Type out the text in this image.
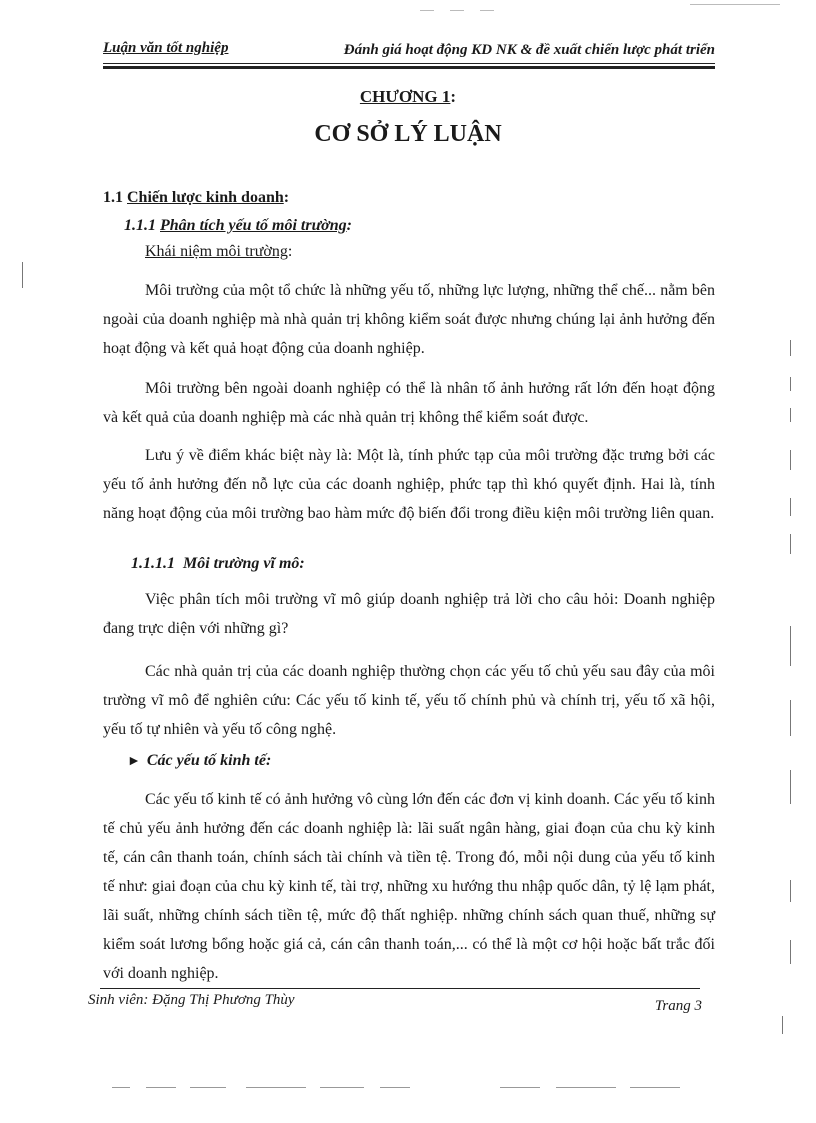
Luận văn tốt nghiệp	Đánh giá hoạt động KD NK & đề xuất chiến lược phát triển
CHƯƠNG 1:
CƠ SỞ LÝ LUẬN
1.1 Chiến lược kinh doanh:
1.1.1 Phân tích yếu tố môi trường:
Khái niệm môi trường:

Môi trường của một tổ chức là những yếu tố, những lực lượng, những thể chế... nằm bên ngoài của doanh nghiệp mà nhà quản trị không kiểm soát được nhưng chúng lại ảnh hưởng đến hoạt động và kết quả hoạt động của doanh nghiệp.

Môi trường bên ngoài doanh nghiệp có thể là nhân tố ảnh hưởng rất lớn đến hoạt động và kết quả của doanh nghiệp mà các nhà quản trị không thể kiểm soát được.

Lưu ý về điểm khác biệt này là: Một là, tính phức tạp của môi trường đặc trưng bởi các yếu tố ảnh hưởng đến nỗ lực của các doanh nghiệp, phức tạp thì khó quyết định. Hai là, tính năng hoạt động của môi trường bao hàm mức độ biến đổi trong điều kiện môi trường liên quan.

1.1.1.1 Môi trường vĩ mô:

Việc phân tích môi trường vĩ mô giúp doanh nghiệp trả lời cho câu hỏi: Doanh nghiệp đang trực diện với những gì?

Các nhà quản trị của các doanh nghiệp thường chọn các yếu tố chủ yếu sau đây của môi trường vĩ mô để nghiên cứu: Các yếu tố kinh tế, yếu tố chính phủ và chính trị, yếu tố xã hội, yếu tố tự nhiên và yếu tố công nghệ.

► Các yếu tố kinh tế:

Các yếu tố kinh tế có ảnh hưởng vô cùng lớn đến các đơn vị kinh doanh. Các yếu tố kinh tế chủ yếu ảnh hưởng đến các doanh nghiệp là: lãi suất ngân hàng, giai đoạn của chu kỳ kinh tế, cán cân thanh toán, chính sách tài chính và tiền tệ. Trong đó, mỗi nội dung của yếu tố kinh tế như: giai đoạn của chu kỳ kinh tế, tài trợ, những xu hướng thu nhập quốc dân, tỷ lệ lạm phát, lãi suất, những chính sách tiền tệ, mức độ thất nghiệp. những chính sách quan thuế, những sự kiểm soát lương bổng hoặc giá cả, cán cân thanh toán,... có thể là một cơ hội hoặc bất trắc đối với doanh nghiệp.

Sinh viên: Đặng Thị Phương Thùy	Trang 3
